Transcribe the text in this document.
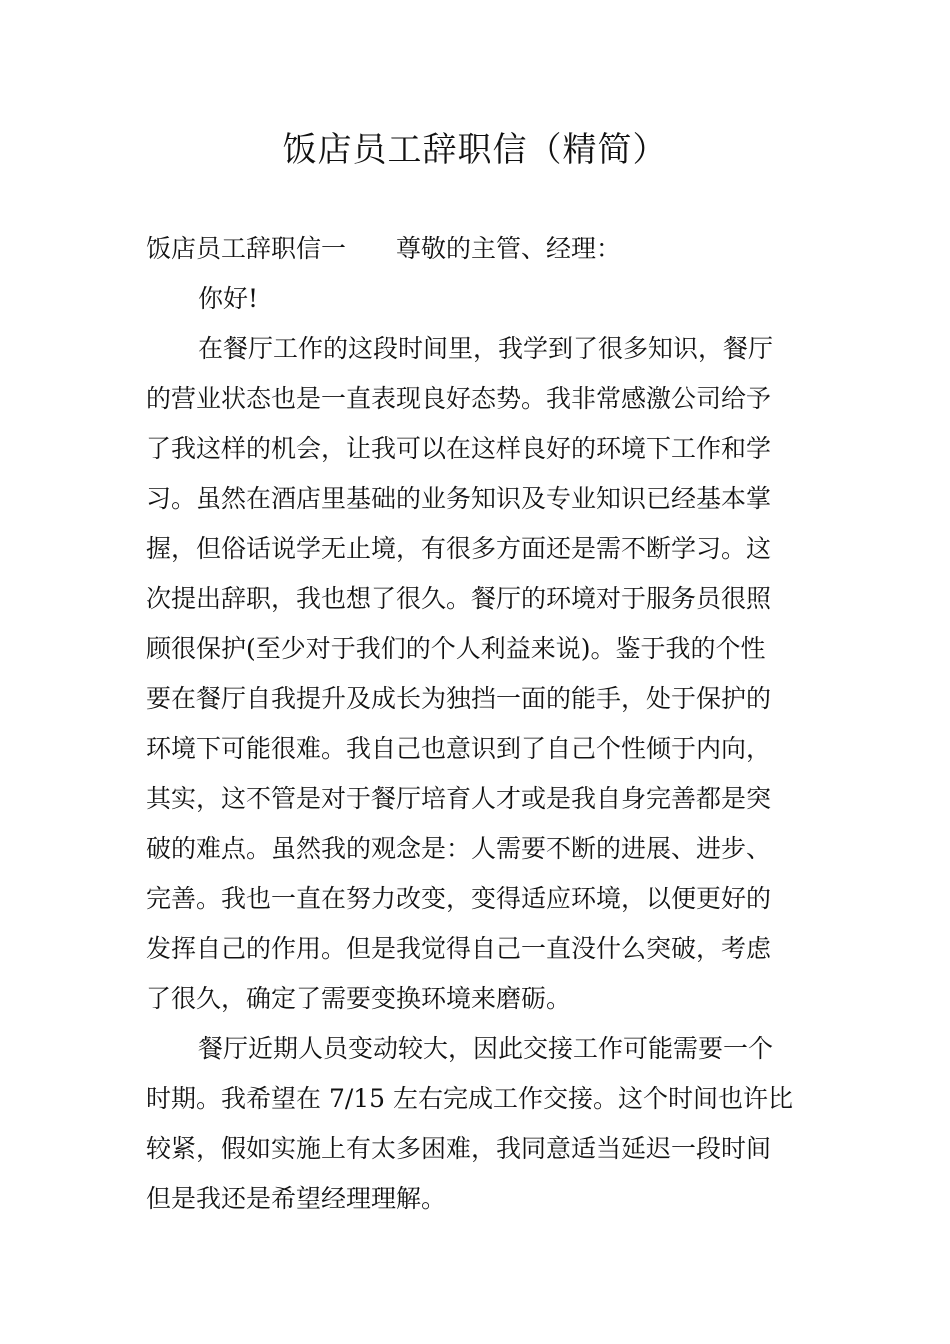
饭店员工辞职信（精简）
饭店员工辞职信一 尊敬的主管、经理：
你好!
在餐厅工作的这段时间里，我学到了很多知识，餐厅
的营业状态也是一直表现良好态势。我非常感激公司给予
了我这样的机会，让我可以在这样良好的环境下工作和学
习。虽然在酒店里基础的业务知识及专业知识已经基本掌
握，但俗话说学无止境，有很多方面还是需不断学习。这
次提出辞职，我也想了很久。餐厅的环境对于服务员很照
顾很保护(至少对于我们的个人利益来说)。鉴于我的个性
要在餐厅自我提升及成长为独挡一面的能手，处于保护的
环境下可能很难。我自己也意识到了自己个性倾于内向，
其实，这不管是对于餐厅培育人才或是我自身完善都是突
破的难点。虽然我的观念是：人需要不断的进展、进步、
完善。我也一直在努力改变，变得适应环境，以便更好的
发挥自己的作用。但是我觉得自己一直没什么突破，考虑
了很久，确定了需要变换环境来磨砺。
餐厅近期人员变动较大，因此交接工作可能需要一个
时期。我希望在 7/15 左右完成工作交接。这个时间也许比
较紧，假如实施上有太多困难，我同意适当延迟一段时间
但是我还是希望经理理解。
